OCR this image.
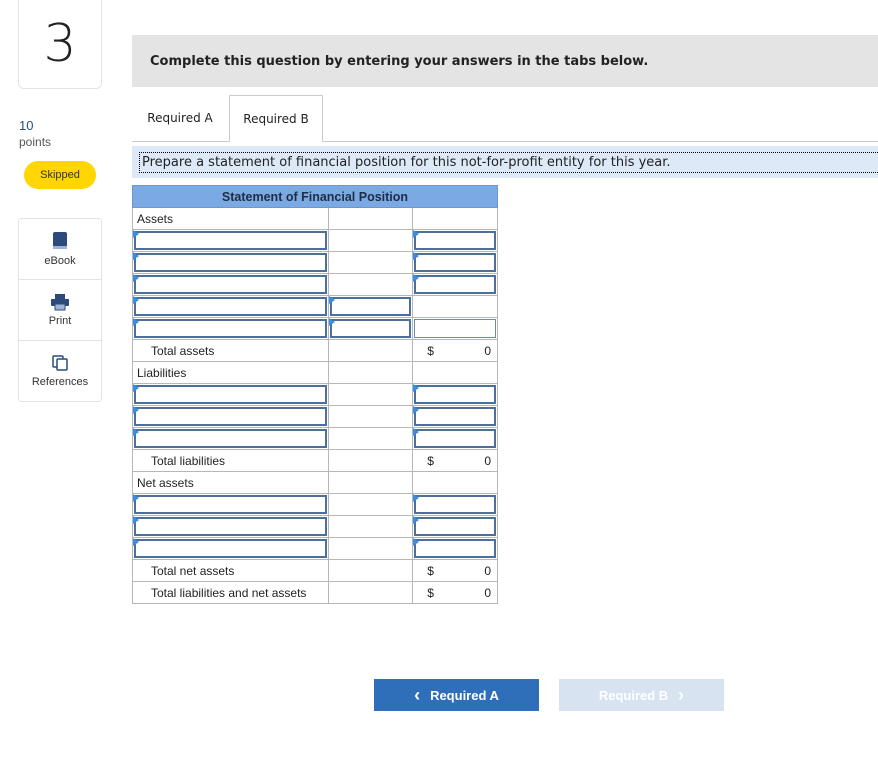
3
10
points
Skipped
eBook
Print
References
Complete this question by entering your answers in the tabs below.
Required A	Required B
Prepare a statement of financial position for this not-for-profit entity for this year.
Statement of Financial Position		
Assets		

Total assets		$ 0

Liabilities		

Total liabilities		$ 0

Net assets		

Total net assets		$ 0

Total liabilities and net assets		$ 0
‹ Required A	Required B ›
